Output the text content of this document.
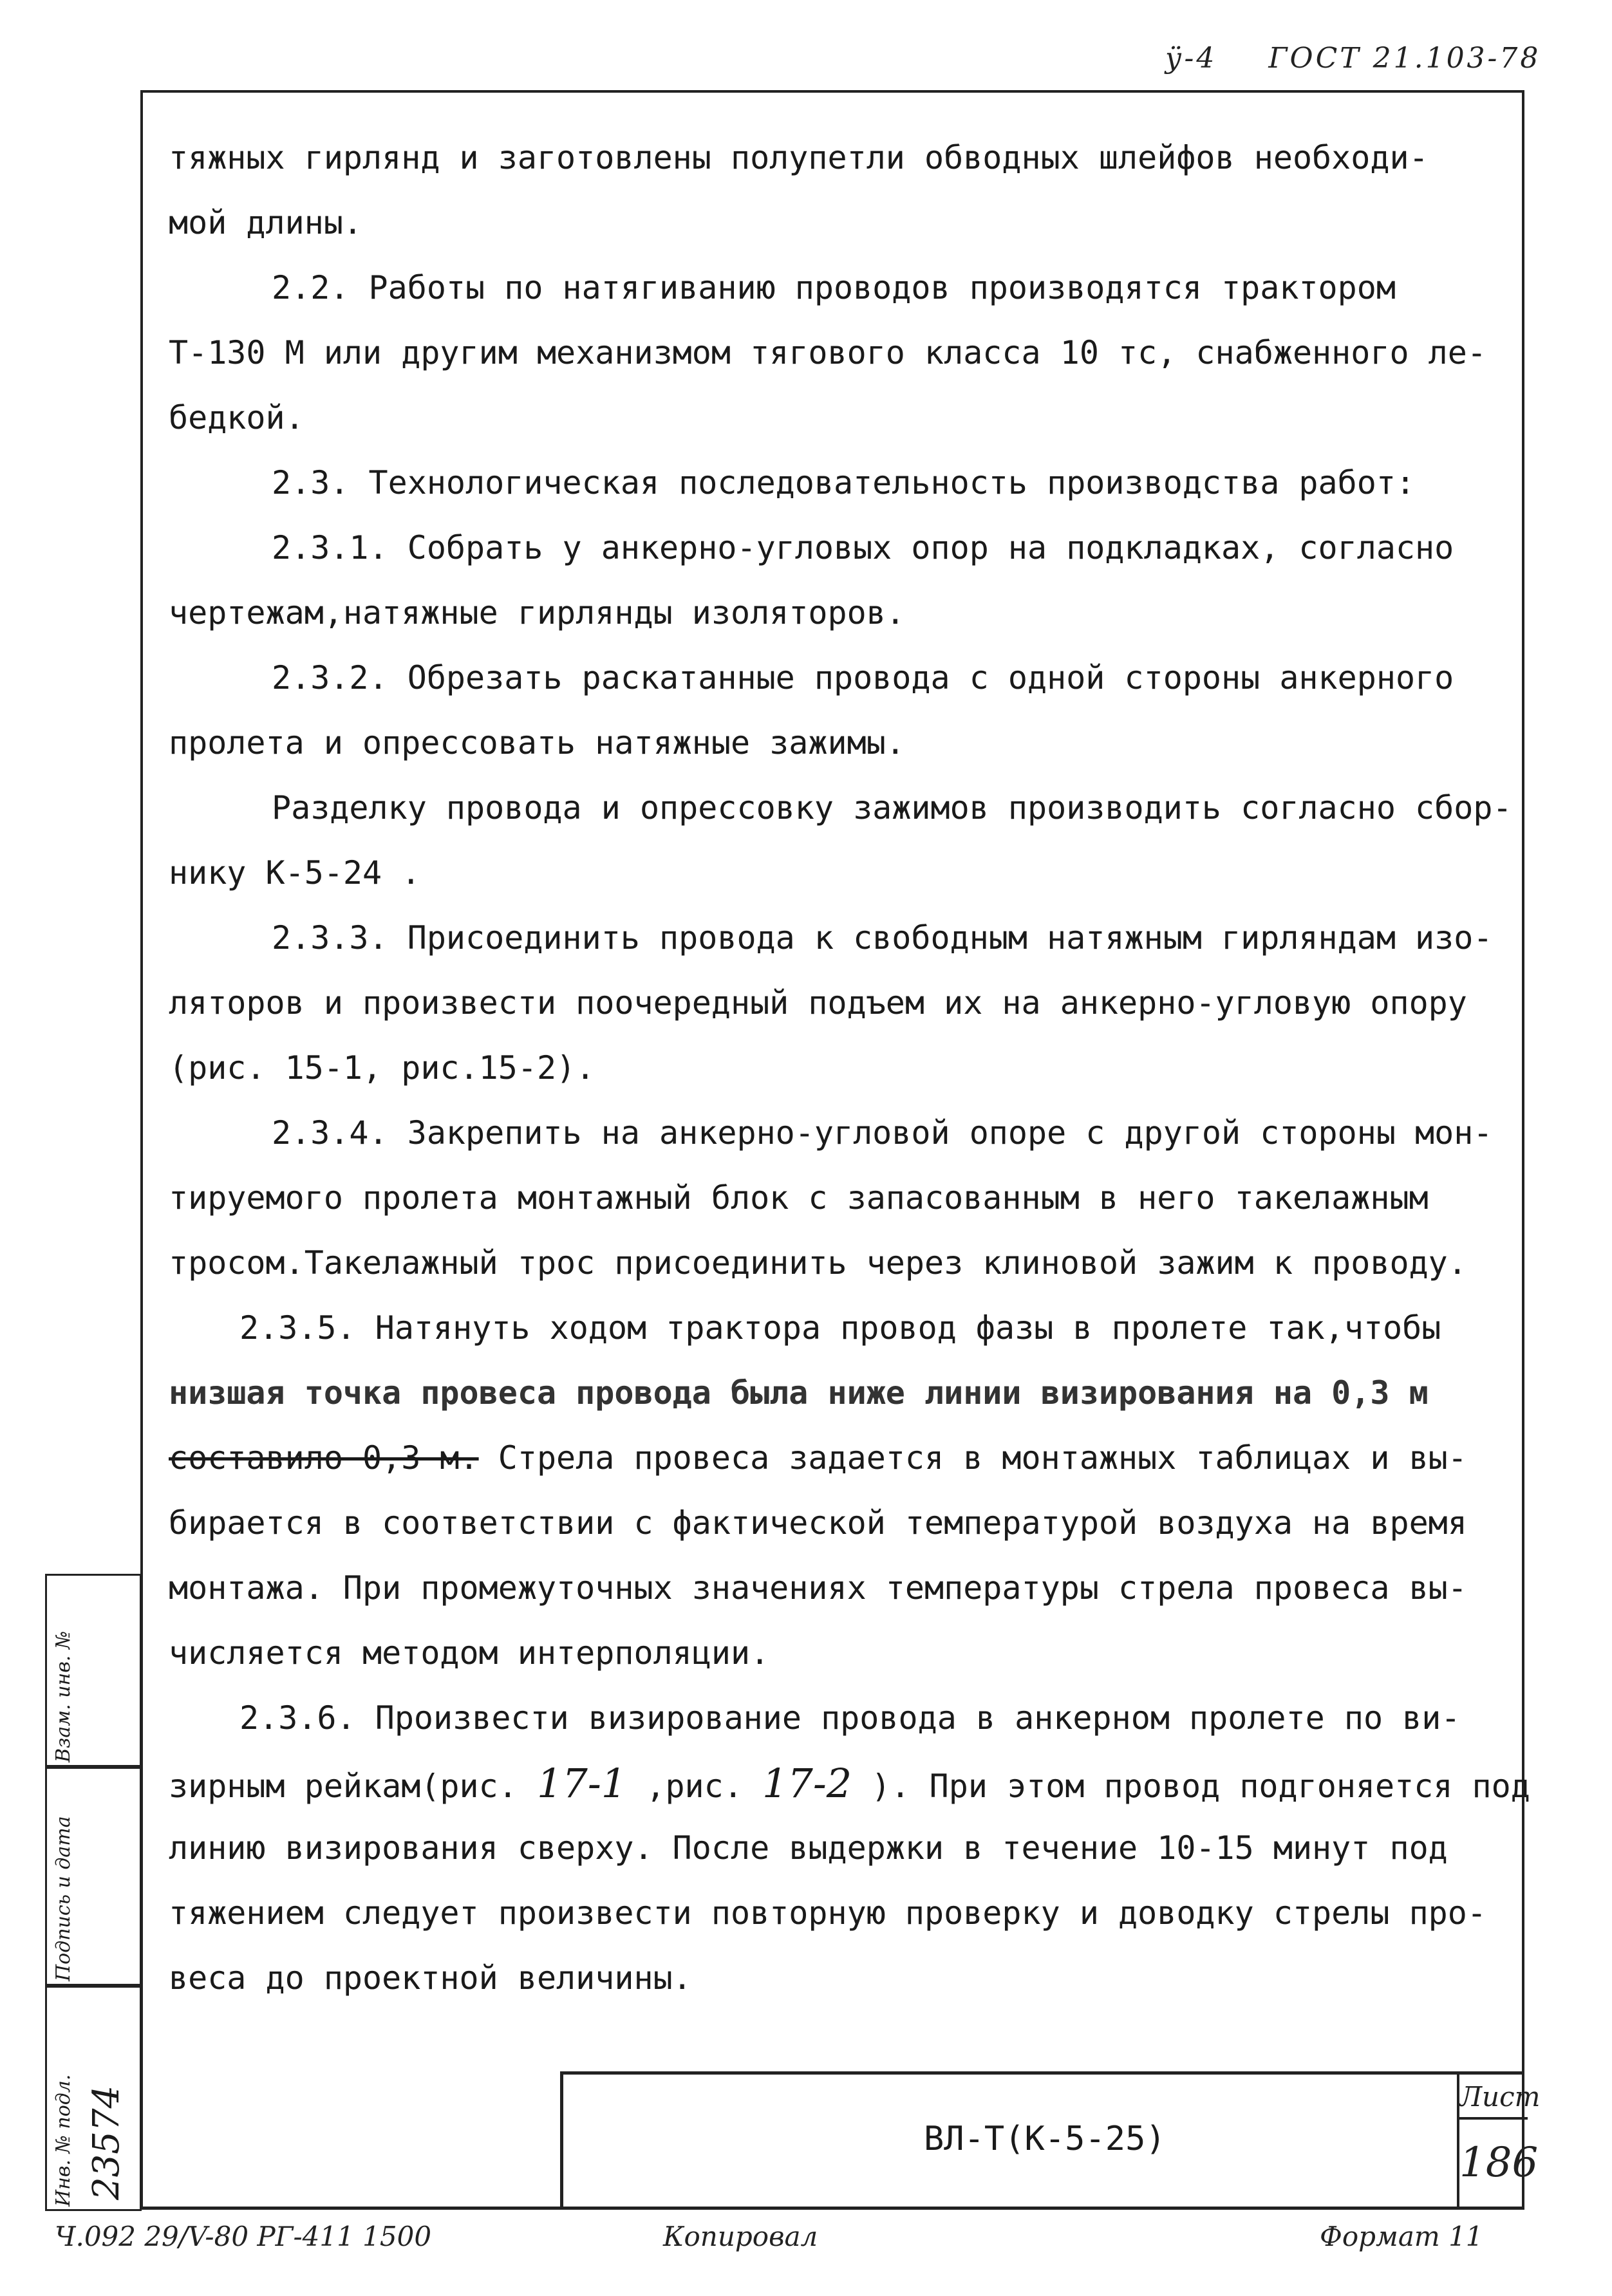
ӱ-4 ГОСТ 21.103-78
тяжных гирлянд и заготовлены полупетли обводных шлейфов необходи-
мой длины.
2.2. Работы по натягиванию проводов производятся трактором
Т-130 М или другим механизмом тягового класса 10 тс, снабженного ле-
бедкой.
2.3. Технологическая последовательность производства работ:
2.3.1. Собрать у анкерно-угловых опор на подкладках, согласно
чертежам,натяжные гирлянды изоляторов.
2.3.2. Обрезать раскатанные провода с одной стороны анкерного
пролета и опрессовать натяжные зажимы.
Разделку провода и опрессовку зажимов производить согласно сбор-
нику К-5-24 .
2.3.3. Присоединить провода к свободным натяжным гирляндам изо-
ляторов и произвести поочередный подъем их на анкерно-угловую опору
(рис. 15-1, рис.15-2).
2.3.4. Закрепить на анкерно-угловой опоре с другой стороны мон-
тируемого пролета монтажный блок с запасованным в него такелажным
тросом.Такелажный трос присоединить через клиновой зажим к проводу.
2.3.5. Натянуть ходом трактора провод фазы в пролете так,чтобы
низшая точка провеса провода была ниже линии визирования на 0,3 м
составило 0,3 м. Стрела провеса задается в монтажных таблицах и вы-
бирается в соответствии с фактической температурой воздуха на время
монтажа. При промежуточных значениях температуры стрела провеса вы-
числяется методом интерполяции.
2.3.6. Произвести визирование провода в анкерном пролете по ви-
зирным рейкам(рис. 17-1 ,рис. 17-2 ). При этом провод подгоняется под
линию визирования сверху. После выдержки в течение 10-15 минут под
тяжением следует произвести повторную проверку и доводку стрелы про-
веса до проектной величины.
Взам. инв. №
Подпись и дата
Инв. № подл. 23574	ВЛ-Т(К-5-25)
Лист
186
Ч.092 29/V-80 РГ-411 1500	Копировал	Формат 11
